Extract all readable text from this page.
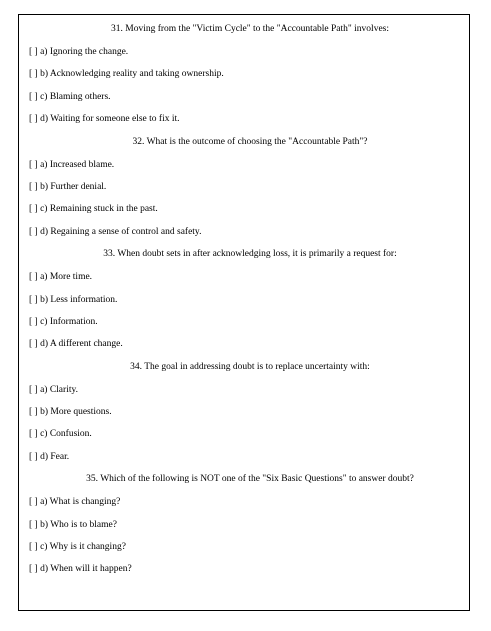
31. Moving from the "Victim Cycle" to the "Accountable Path" involves:

[ ] a) Ignoring the change.

[ ] b) Acknowledging reality and taking ownership.

[ ] c) Blaming others.

[ ] d) Waiting for someone else to fix it.

32. What is the outcome of choosing the "Accountable Path"?

[ ] a) Increased blame.

[ ] b) Further denial.

[ ] c) Remaining stuck in the past.

[ ] d) Regaining a sense of control and safety.

33. When doubt sets in after acknowledging loss, it is primarily a request for:

[ ] a) More time.

[ ] b) Less information.

[ ] c) Information.

[ ] d) A different change.

34. The goal in addressing doubt is to replace uncertainty with:

[ ] a) Clarity.

[ ] b) More questions.

[ ] c) Confusion.

[ ] d) Fear.

35. Which of the following is NOT one of the "Six Basic Questions" to answer doubt?

[ ] a) What is changing?

[ ] b) Who is to blame?

[ ] c) Why is it changing?

[ ] d) When will it happen?
